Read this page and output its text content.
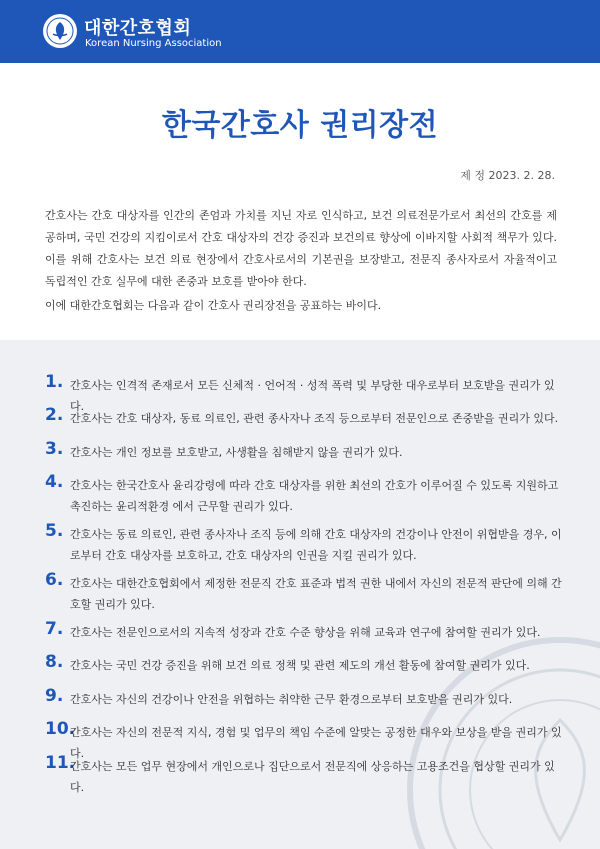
대한간호협회
Korean Nursing Association
한국간호사 권리장전
제 정 2023. 2. 28.

간호사는 간호 대상자를 인간의 존엄과 가치를 지닌 자로 인식하고, 보건 의료전문가로서 최선의 간호를 제공하며, 국민 건강의 지킴이로서 간호 대상자의 건강 증진과 보건의료 향상에 이바지할 사회적 책무가 있다. 이를 위해 간호사는 보건 의료 현장에서 간호사로서의 기본권을 보장받고, 전문직 종사자로서 자율적이고 독립적인 간호 실무에 대한 존중과 보호를 받아야 한다.

이에 대한간호협회는 다음과 같이 간호사 권리장전을 공표하는 바이다.

1. 간호사는 인격적 존재로서 모든 신체적 · 언어적 · 성적 폭력 및 부당한 대우로부터 보호받을 권리가 있다.
2. 간호사는 간호 대상자, 동료 의료인, 관련 종사자나 조직 등으로부터 전문인으로 존중받을 권리가 있다.
3. 간호사는 개인 정보를 보호받고, 사생활을 침해받지 않을 권리가 있다.
4. 간호사는 한국간호사 윤리강령에 따라 간호 대상자를 위한 최선의 간호가 이루어질 수 있도록 지원하고 촉진하는 윤리적환경 에서 근무할 권리가 있다.
5. 간호사는 동료 의료인, 관련 종사자나 조직 등에 의해 간호 대상자의 건강이나 안전이 위협받을 경우, 이로부터 간호 대상자를 보호하고, 간호 대상자의 인권을 지킬 권리가 있다.
6. 간호사는 대한간호협회에서 제정한 전문직 간호 표준과 법적 권한 내에서 자신의 전문적 판단에 의해 간호할 권리가 있다.
7. 간호사는 전문인으로서의 지속적 성장과 간호 수준 향상을 위해 교육과 연구에 참여할 권리가 있다.
8. 간호사는 국민 건강 증진을 위해 보건 의료 정책 및 관련 제도의 개선 활동에 참여할 권리가 있다.
9. 간호사는 자신의 건강이나 안전을 위협하는 취약한 근무 환경으로부터 보호받을 권리가 있다.
10.
간호사는 자신의 전문적 지식, 경험 및 업무의 책임 수준에 알맞는 공정한 대우와 보상을 받을 권리가 있다.
11.
간호사는 모든 업무 현장에서 개인으로나 집단으로서 전문직에 상응하는 고용조건을 협상할 권리가 있다.
